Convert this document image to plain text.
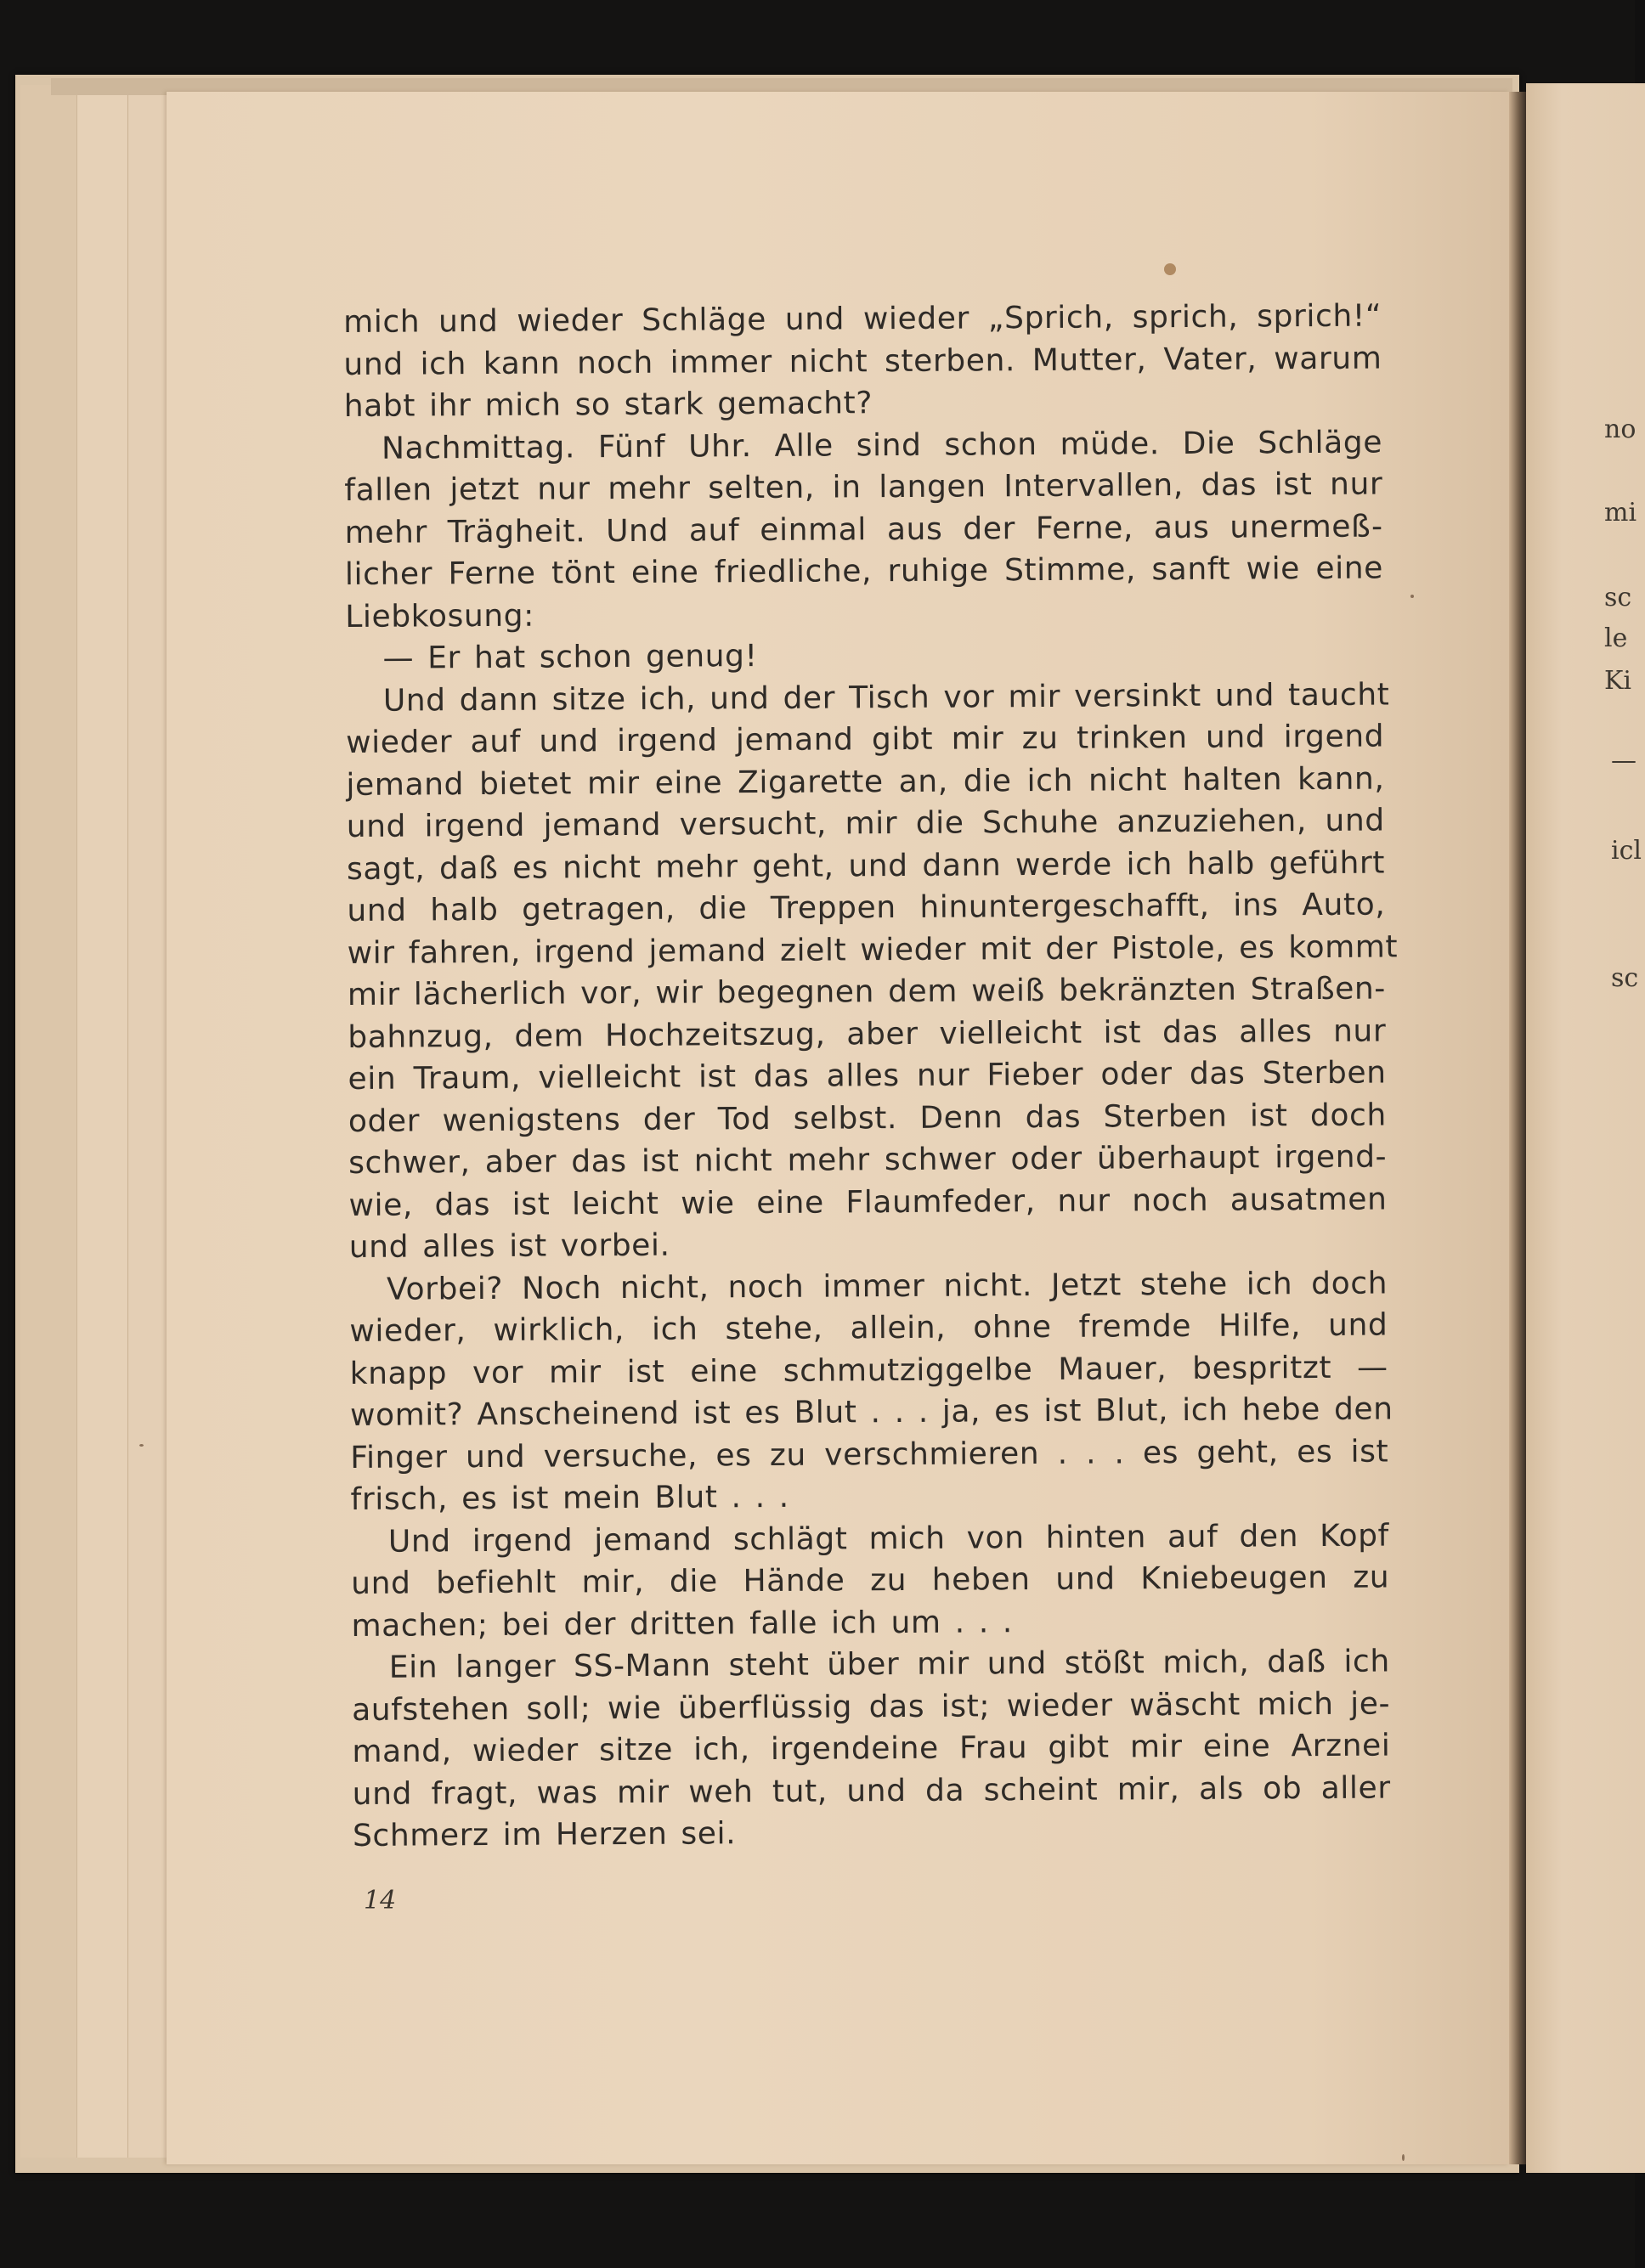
no
mi
sc
le
Ki
—
icl
sc
mich und wieder Schläge und wieder „Sprich, sprich, sprich!“
und ich kann noch immer nicht sterben. Mutter, Vater, warum
habt ihr mich so stark gemacht?
Nachmittag. Fünf Uhr. Alle sind schon müde. Die Schläge
fallen jetzt nur mehr selten, in langen Intervallen, das ist nur
mehr Trägheit. Und auf einmal aus der Ferne, aus unermeß-
licher Ferne tönt eine friedliche, ruhige Stimme, sanft wie eine
Liebkosung:
— Er hat schon genug!
Und dann sitze ich, und der Tisch vor mir versinkt und taucht
wieder auf und irgend jemand gibt mir zu trinken und irgend
jemand bietet mir eine Zigarette an, die ich nicht halten kann,
und irgend jemand versucht, mir die Schuhe anzuziehen, und
sagt, daß es nicht mehr geht, und dann werde ich halb geführt
und halb getragen, die Treppen hinuntergeschafft, ins Auto,
wir fahren, irgend jemand zielt wieder mit der Pistole, es kommt
mir lächerlich vor, wir begegnen dem weiß bekränzten Straßen-
bahnzug, dem Hochzeitszug, aber vielleicht ist das alles nur
ein Traum, vielleicht ist das alles nur Fieber oder das Sterben
oder wenigstens der Tod selbst. Denn das Sterben ist doch
schwer, aber das ist nicht mehr schwer oder überhaupt irgend-
wie, das ist leicht wie eine Flaumfeder, nur noch ausatmen
und alles ist vorbei.
Vorbei? Noch nicht, noch immer nicht. Jetzt stehe ich doch
wieder, wirklich, ich stehe, allein, ohne fremde Hilfe, und
knapp vor mir ist eine schmutziggelbe Mauer, bespritzt —
womit? Anscheinend ist es Blut . . . ja, es ist Blut, ich hebe den
Finger und versuche, es zu verschmieren . . . es geht, es ist
frisch, es ist mein Blut . . .
Und irgend jemand schlägt mich von hinten auf den Kopf
und befiehlt mir, die Hände zu heben und Kniebeugen zu
machen; bei der dritten falle ich um . . .
Ein langer SS-Mann steht über mir und stößt mich, daß ich
aufstehen soll; wie überflüssig das ist; wieder wäscht mich je-
mand, wieder sitze ich, irgendeine Frau gibt mir eine Arznei
und fragt, was mir weh tut, und da scheint mir, als ob aller
Schmerz im Herzen sei.
14
